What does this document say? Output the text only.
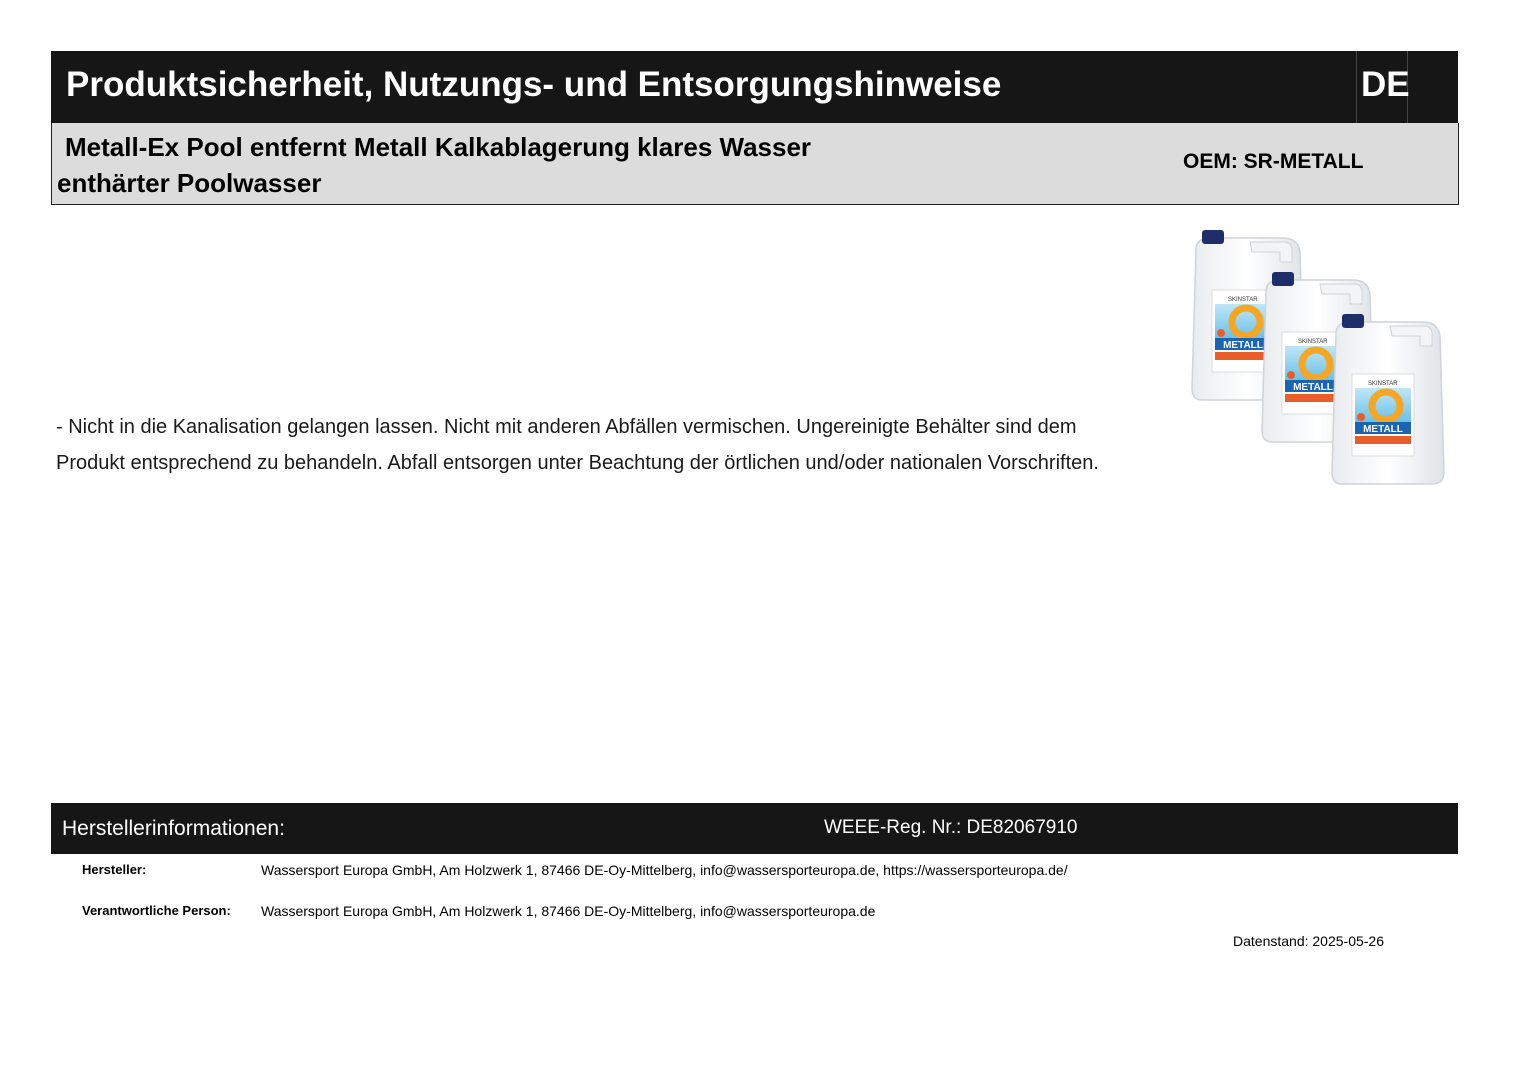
Produktsicherheit, Nutzungs- und Entsorgungshinweise	DE
Metall-Ex Pool entfernt Metall Kalkablagerung klares Wasser
enthärter Poolwasser
OEM: SR-METALL
- Nicht in die Kanalisation gelangen lassen. Nicht mit anderen Abfällen vermischen. Ungereinigte Behälter sind dem Produkt entsprechend zu behandeln. Abfall entsorgen unter Beachtung der örtlichen und/oder nationalen Vorschriften.
Herstellerinformationen:	WEEE-Reg. Nr.: DE82067910
Hersteller:	Wassersport Europa GmbH, Am Holzwerk 1, 87466 DE-Oy-Mittelberg, info@wassersporteuropa.de, https://wassersporteuropa.de/
Verantwortliche Person: Wassersport Europa GmbH, Am Holzwerk 1, 87466 DE-Oy-Mittelberg, info@wassersporteuropa.de
Datenstand: 2025-05-26
